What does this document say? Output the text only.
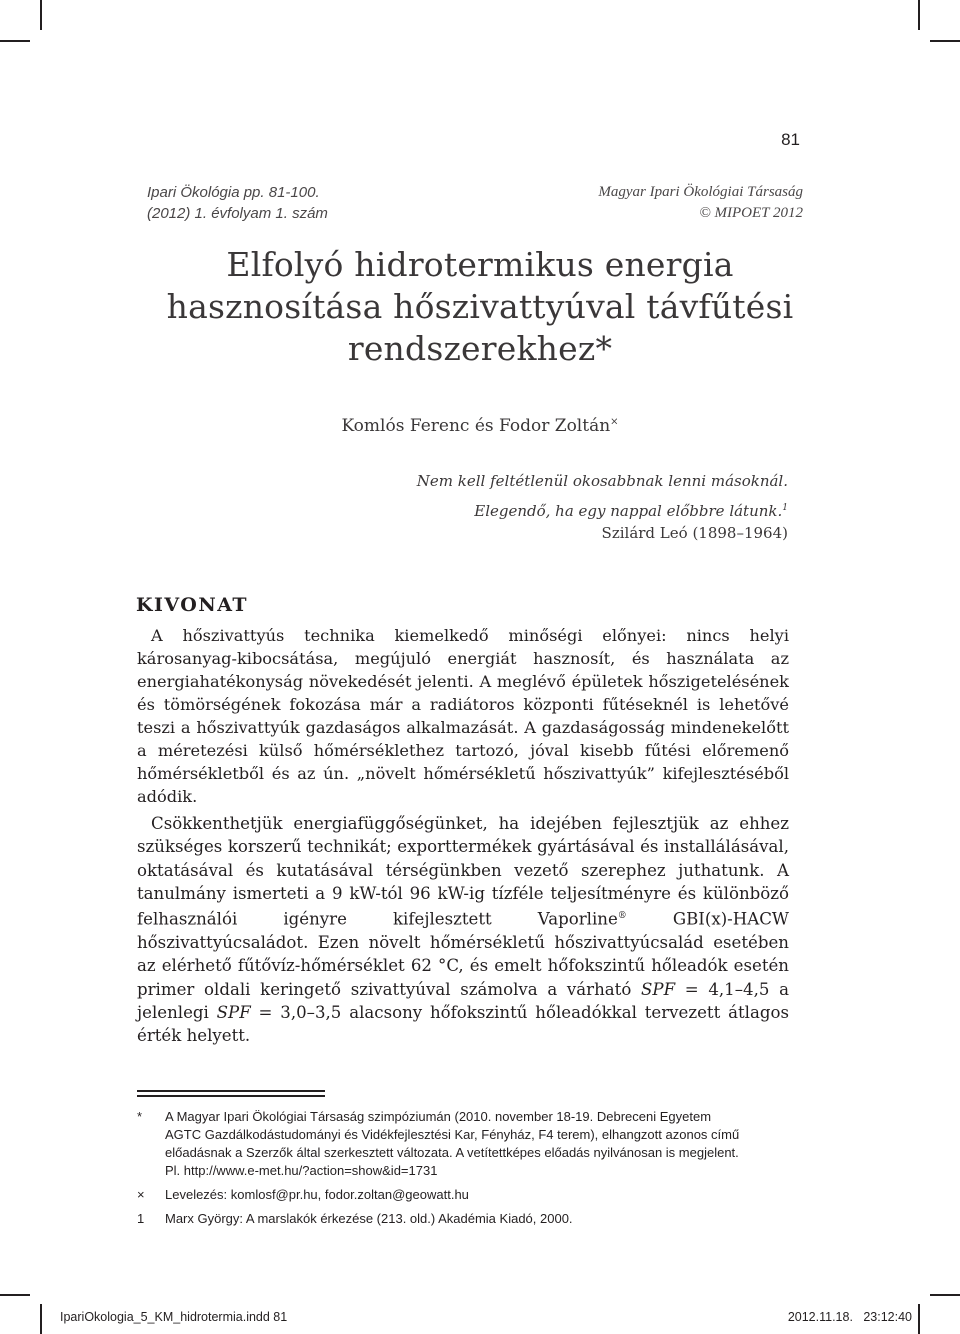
81
Ipari Ökológia pp. 81-100.
(2012) 1. évfolyam 1. szám
Magyar Ipari Ökológiai Társaság
© MIPOET 2012
Elfolyó hidrotermikus energia
hasznosítása hőszivattyúval távfűtési
rendszerekhez*
Komlós Ferenc és Fodor Zoltán×
Nem kell feltétlenül okosabbnak lenni másoknál.
Elegendő, ha egy nappal előbbre látunk.$^1$
Szilárd Leó (1898–1964)
KIVONAT

A hőszivattyús technika kiemelkedő minőségi előnyei: nincs helyi károsanyag-kibocsátása, megújuló energiát hasznosít, és használata az energiahatékonyság növekedését jelenti. A meglévő épületek hőszigetelésének és tömörségének fokozása már a radiátoros központi fűtéseknél is lehetővé teszi a hőszivattyúk gazdaságos alkalmazását. A gazdaságosság mindenekelőtt a méretezési külső hőmérséklethez tartozó, jóval kisebb fűtési előremenő hőmérsékletből és az ún. „növelt hőmérsékletű hőszivattyúk” kifejlesztéséből adódik.

Csökkenthetjük energiafüggőségünket, ha idejében fejlesztjük az ehhez szükséges korszerű technikát; exporttermékek gyártásával és installálásával, oktatásával és kutatásával térségünkben vezető szerephez juthatunk. A tanulmány ismerteti a 9 kW-tól 96 kW-ig tízféle teljesítményre és különböző felhasználói igényre kifejlesztett Vaporline® GBI(x)-HACW hőszivattyúcsaládot. Ezen növelt hőmérsékletű hőszivattyúcsalád esetében az elérhető fűtővíz-hőmérséklet 62 °C, és emelt hőfokszintű hőleadók esetén primer oldali keringető szivattyúval számolva a várható SPF = 4,1–4,5 a jelenlegi SPF = 3,0–3,5 alacsony hőfokszintű hőleadókkal tervezett átlagos érték helyett.

*	A Magyar Ipari Ökológiai Társaság szimpóziumán (2010. november 18-19. Debreceni Egyetem
AGTC Gazdálkodástudományi és Vidékfejlesztési Kar, Fényház, F4 terem), elhangzott azonos című
előadásnak a Szerzők által szerkesztett változata. A vetítettképes előadás nyilvánosan is megjelent.
Pl. http://www.e-met.hu/?action=show&id=1731
×	Levelezés: komlosf@pr.hu, fodor.zoltan@geowatt.hu
1	Marx György: A marslakók érkezése (213. old.) Akadémia Kiadó, 2000.
IpariOkologia_5_KM_hidrotermia.indd 81	2012.11.18.   23:12:40
